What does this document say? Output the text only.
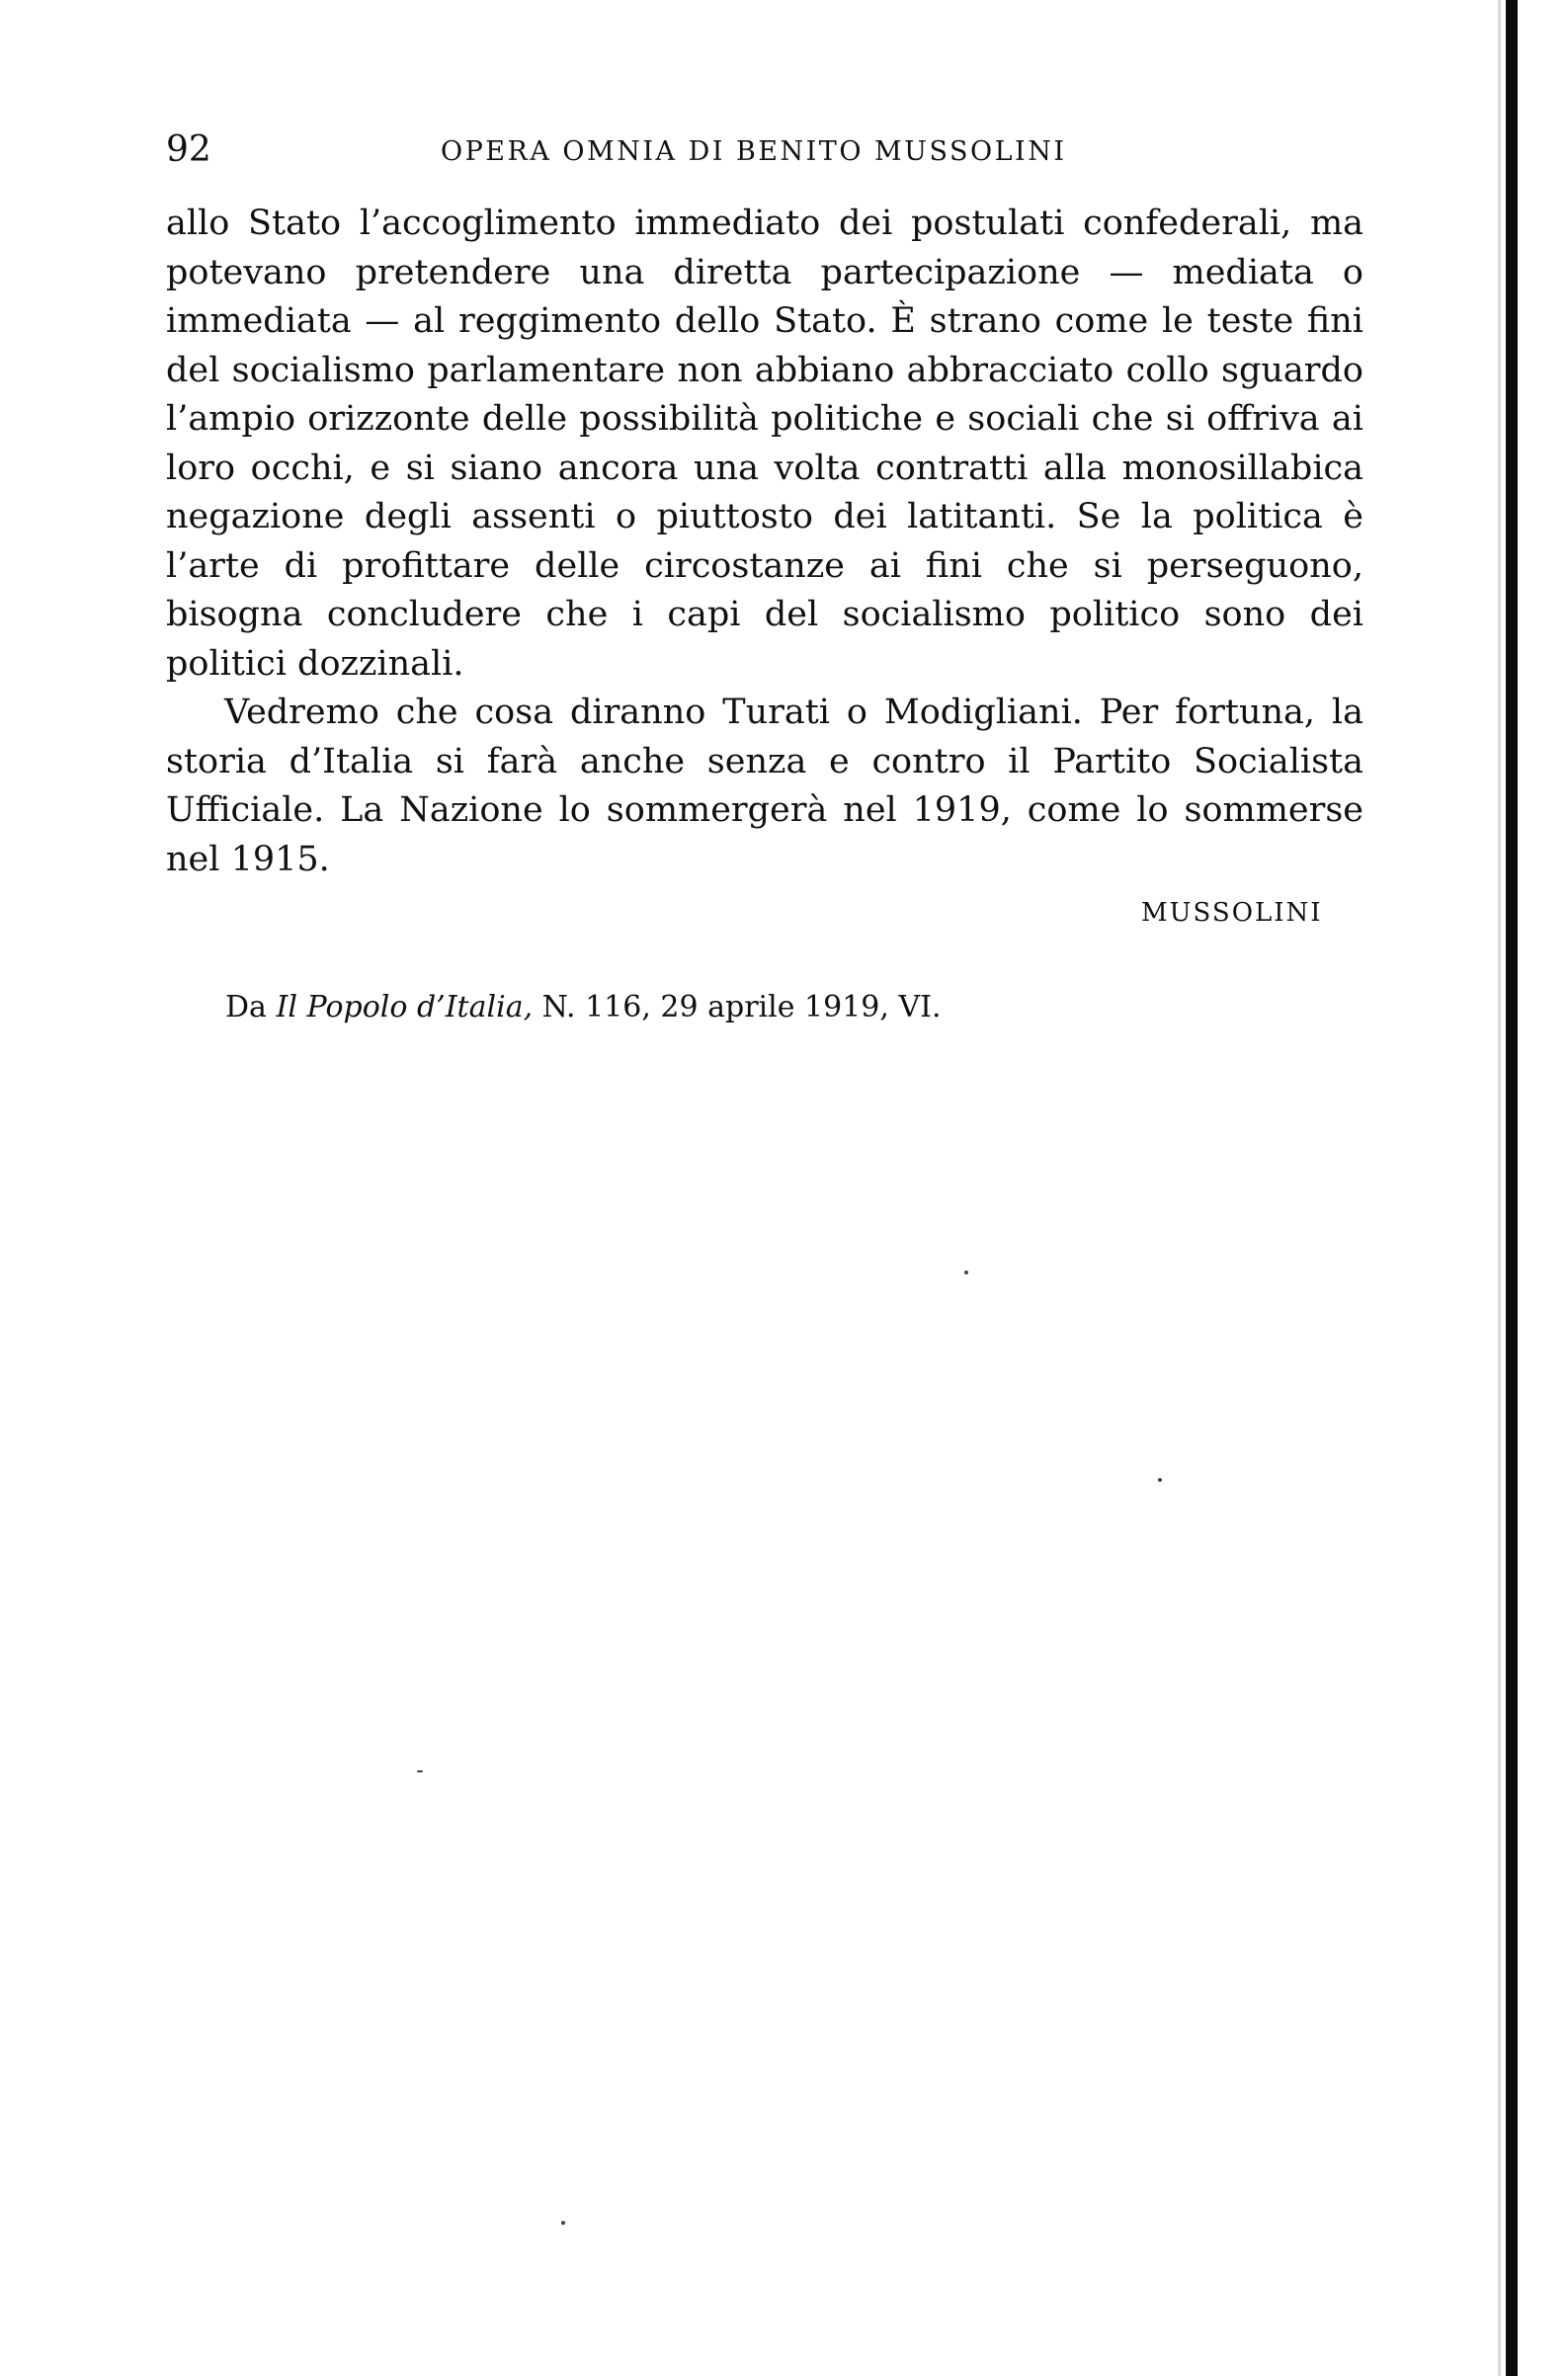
92	OPERA OMNIA DI BENITO MUSSOLINI

allo Stato l’accoglimento immediato dei postulati confederali, ma potevano pretendere una diretta partecipazione — mediata o immediata — al reggimento dello Stato. È strano come le teste fini del socialismo parlamentare non abbiano abbracciato collo sguardo l’ampio orizzonte delle possibilità politiche e sociali che si offriva ai loro occhi, e si siano ancora una volta contratti alla monosillabica negazione degli assenti o piuttosto dei latitanti. Se la politica è l’arte di profittare delle circostanze ai fini che si perseguono, bisogna concludere che i capi del socialismo politico sono dei politici dozzinali.

Vedremo che cosa diranno Turati o Modigliani. Per fortuna, la storia d’Italia si farà anche senza e contro il Partito Socialista Ufficiale. La Nazione lo sommergerà nel 1919, come lo sommerse nel 1915.

MUSSOLINI
Da Il Popolo d’Italia, N. 116, 29 aprile 1919, VI.
